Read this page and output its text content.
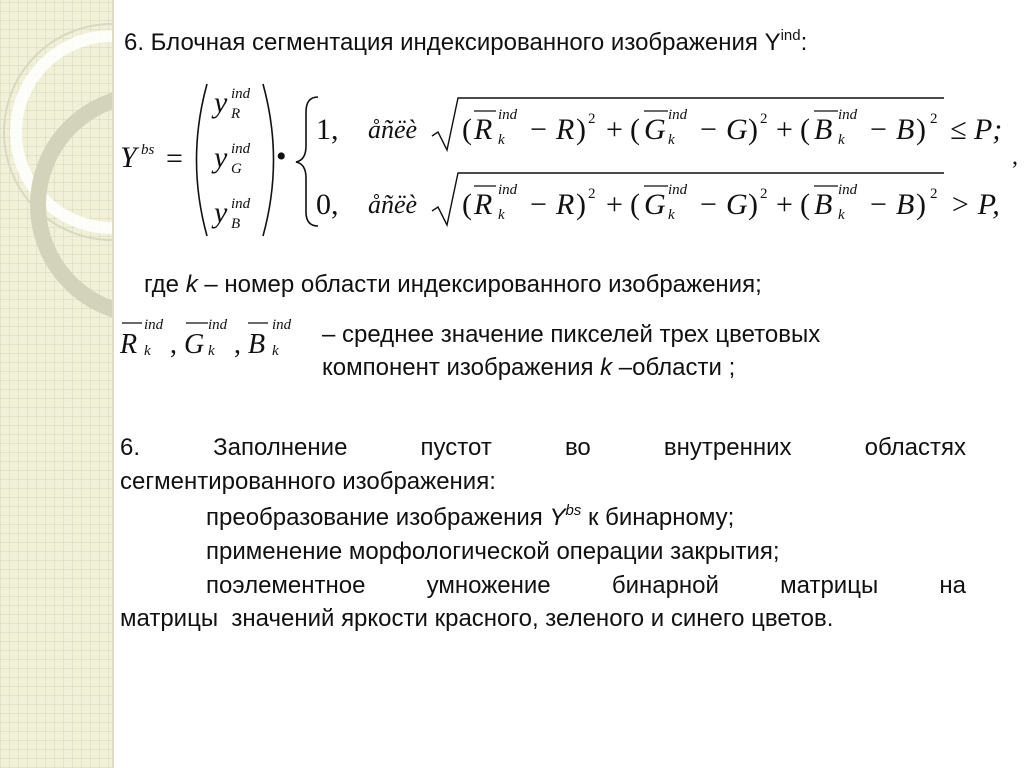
6. Блочная сегментация индексированного изображения $Y^{ind}$:
Y bs =
y ind
R
y ind
G
y ind
B
•
1, åñëè ( R ind
k − R ) 2 + ( G ind
k − G ) 2 + ( B ind
k − B ) 2 ≤ P;
,
0, åñëè ( R ind
k − R ) 2 + ( G ind
k − G ) 2 + ( B ind
k − B ) 2 > P,
где k – номер области индексированного изображения;
R
ind
k , G
ind
k , B
ind
k
– среднее значение пикселей трех цветовых
компонент изображения k –области ;
6.	Заполнение	пустот	во	внутренних	областях
сегментированного изображения:
преобразование изображения $Y^{bs}$ к бинарному;
применение морфологической операции закрытия;
поэлементное	умножение	бинарной	матрицы	на
матрицы  значений яркости красного, зеленого и синего цветов.
